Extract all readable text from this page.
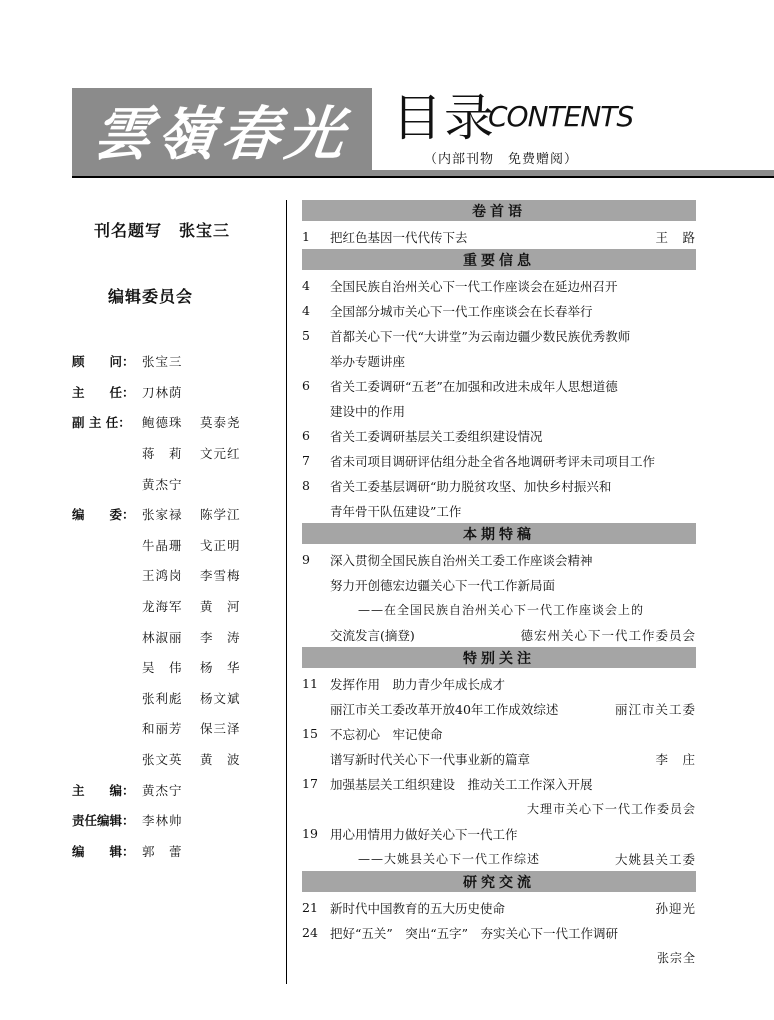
雲嶺春光 目录
CONTENTS
（内部刊物　免费赠阅）
刊名题写　张宝三
编辑委员会
顾　　问： 张宝三
主　　任： 刀林荫
副 主 任： 鲍德珠	莫泰尧
蒋　莉	文元红
黄杰宁
编　　委： 张家禄	陈学江
牛晶珊	戈正明
王鸿岗	李雪梅
龙海军	黄　河
林淑丽	李　涛
吴　伟	杨　华
张利彪	杨文斌
和丽芳	保三泽
张文英	黄　波
主　　编： 黄杰宁
责任编辑： 李林帅
编　　辑： 郭　蕾
卷首语
1	把红色基因一代代传下去	王　路
重要信息
4	全国民族自治州关心下一代工作座谈会在延边州召开
4	全国部分城市关心下一代工作座谈会在长春举行
5	首都关心下一代“大讲堂”为云南边疆少数民族优秀教师
举办专题讲座
6	省关工委调研“五老”在加强和改进未成年人思想道德
建设中的作用
6	省关工委调研基层关工委组织建设情况
7	省未司项目调研评估组分赴全省各地调研考评未司项目工作
8	省关工委基层调研“助力脱贫攻坚、加快乡村振兴和
青年骨干队伍建设”工作
本期特稿
9	深入贯彻全国民族自治州关工委工作座谈会精神
努力开创德宏边疆关心下一代工作新局面
——在全国民族自治州关心下一代工作座谈会上的
交流发言(摘登)	德宏州关心下一代工作委员会
特别关注
11 发挥作用　助力青少年成长成才
丽江市关工委改革开放40年工作成效综述	丽江市关工委
15 不忘初心　牢记使命
谱写新时代关心下一代事业新的篇章	李　庄
17 加强基层关工组织建设　推动关工工作深入开展
大理市关心下一代工作委员会
19 用心用情用力做好关心下一代工作
——大姚县关心下一代工作综述	大姚县关工委
研究交流
21 新时代中国教育的五大历史使命	孙迎光
24 把好“五关”　突出“五字”　夯实关心下一代工作调研
张宗全
